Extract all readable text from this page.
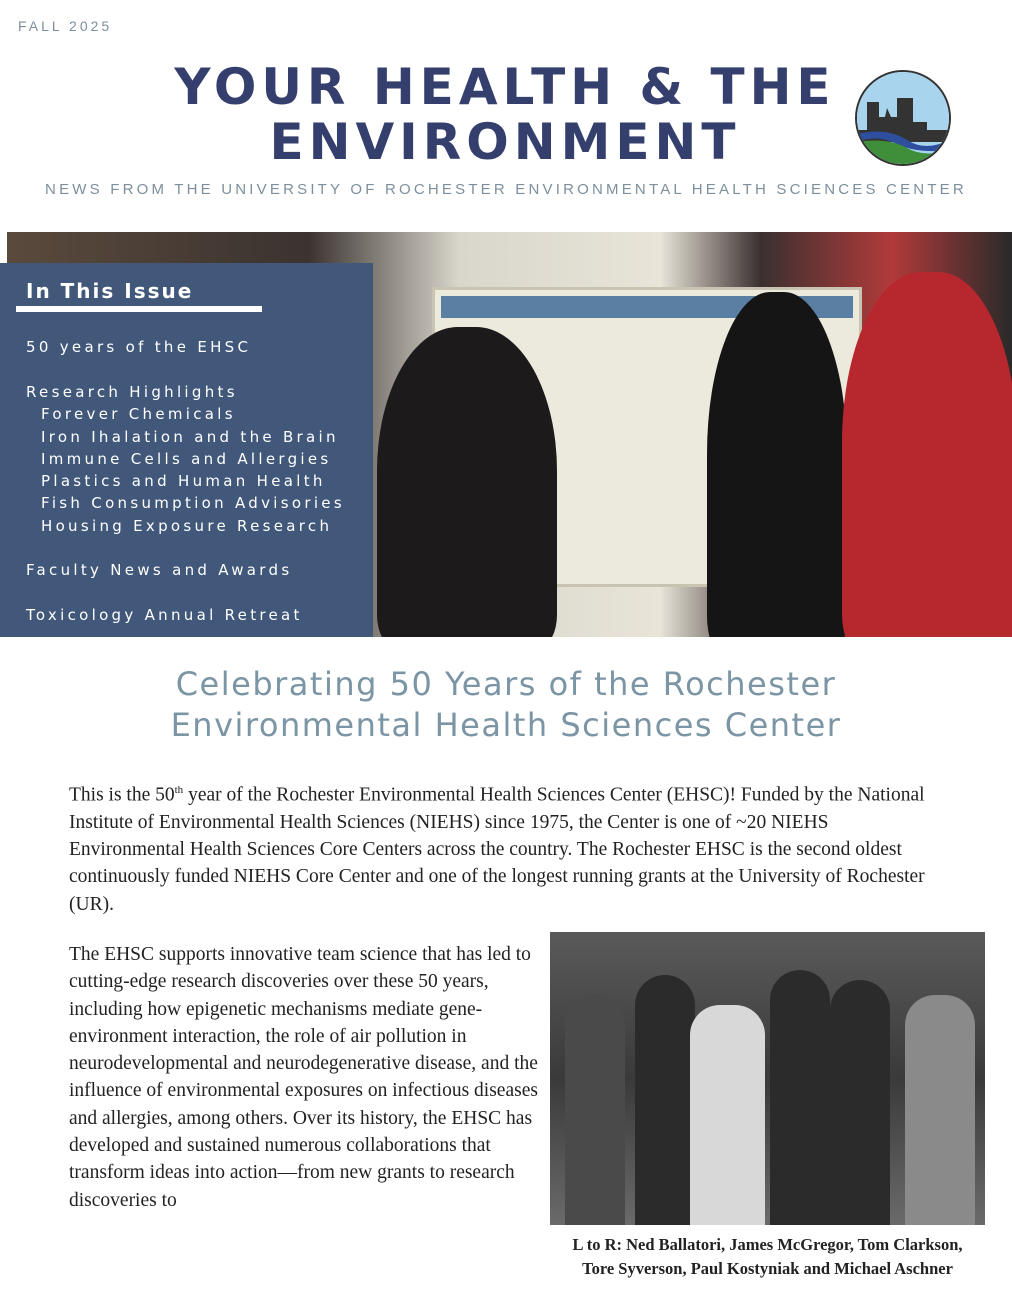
FALL 2025
YOUR HEALTH & THE
ENVIRONMENT
NEWS FROM THE UNIVERSITY OF ROCHESTER ENVIRONMENTAL HEALTH SCIENCES CENTER
In This Issue
50 years of the EHSC
Research Highlights
Forever Chemicals
Iron Ihalation and the Brain
Immune Cells and Allergies
Plastics and Human Health
Fish Consumption Advisories
Housing Exposure Research
Faculty News and Awards
Toxicology Annual Retreat
Celebrating 50 Years of the Rochester
Environmental Health Sciences Center
This is the 50th year of the Rochester Environmental Health Sciences Center (EHSC)! Funded by the National Institute of Environmental Health Sciences (NIEHS) since 1975, the Center is one of ~20 NIEHS Environmental Health Sciences Core Centers across the country. The Rochester EHSC is the second oldest continuously funded NIEHS Core Center and one of the longest running grants at the University of Rochester (UR).
The EHSC supports innovative team science that has led to cutting-edge research discoveries over these 50 years, including how epigenetic mechanisms mediate gene-environment interaction, the role of air pollution in neurodevelopmental and neurodegenerative disease, and the influence of environmental exposures on infectious diseases and allergies, among others. Over its history, the EHSC has developed and sustained numerous collaborations that transform ideas into action—from new grants to research discoveries to
L to R: Ned Ballatori, James McGregor, Tom Clarkson,
Tore Syverson, Paul Kostyniak and Michael Aschner
